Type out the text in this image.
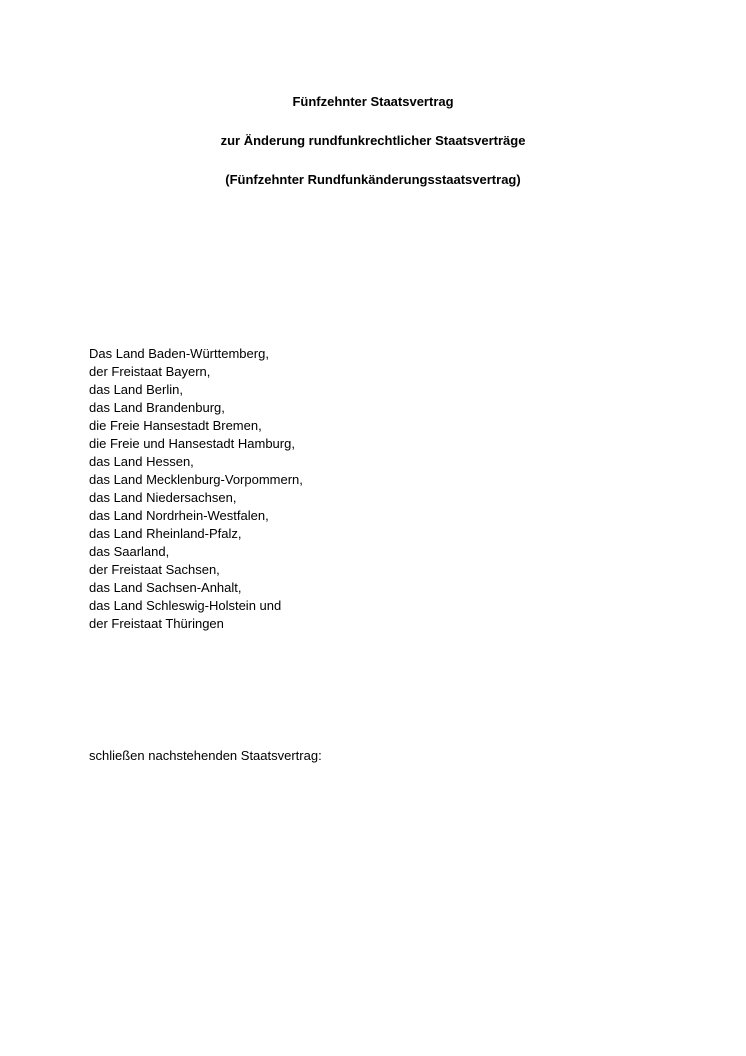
Fünfzehnter Staatsvertrag
zur Änderung rundfunkrechtlicher Staatsverträge
(Fünfzehnter Rundfunkänderungsstaatsvertrag)
Das Land Baden-Württemberg,
der Freistaat Bayern,
das Land Berlin,
das Land Brandenburg,
die Freie Hansestadt Bremen,
die Freie und Hansestadt Hamburg,
das Land Hessen,
das Land Mecklenburg-Vorpommern,
das Land Niedersachsen,
das Land Nordrhein-Westfalen,
das Land Rheinland-Pfalz,
das Saarland,
der Freistaat Sachsen,
das Land Sachsen-Anhalt,
das Land Schleswig-Holstein und
der Freistaat Thüringen
schließen nachstehenden Staatsvertrag:
